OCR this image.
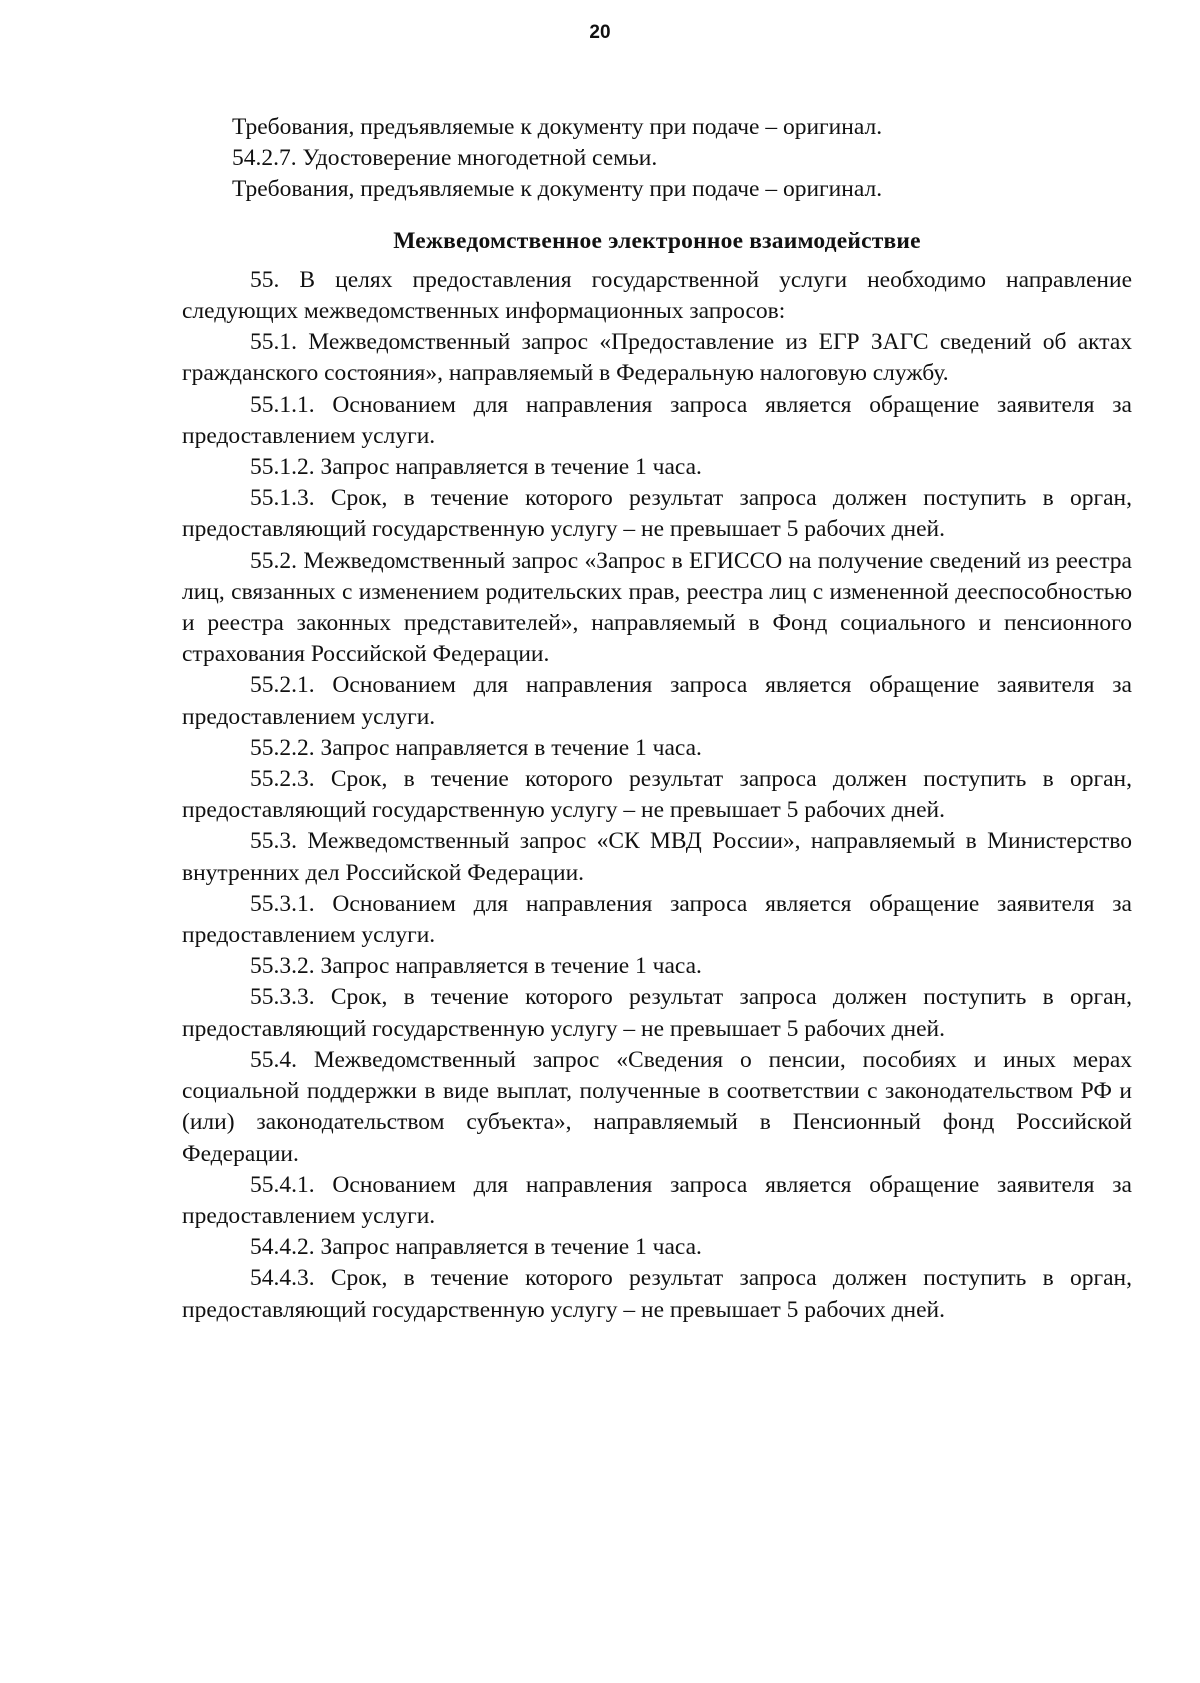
20

Требования, предъявляемые к документу при подаче – оригинал.

54.2.7. Удостоверение многодетной семьи.

Требования, предъявляемые к документу при подаче – оригинал.

Межведомственное электронное взаимодействие

55. В целях предоставления государственной услуги необходимо направление следующих межведомственных информационных запросов:

55.1. Межведомственный запрос «Предоставление из ЕГР ЗАГС сведений об актах гражданского состояния», направляемый в Федеральную налоговую службу.

55.1.1. Основанием для направления запроса является обращение заявителя за предоставлением услуги.

55.1.2. Запрос направляется в течение 1 часа.

55.1.3. Срок, в течение которого результат запроса должен поступить в орган, предоставляющий государственную услугу – не превышает 5 рабочих дней.

55.2. Межведомственный запрос «Запрос в ЕГИССО на получение сведений из реестра лиц, связанных с изменением родительских прав, реестра лиц с измененной дееспособностью и реестра законных представителей», направляемый в Фонд социального и пенсионного страхования Российской Федерации.

55.2.1. Основанием для направления запроса является обращение заявителя за предоставлением услуги.

55.2.2. Запрос направляется в течение 1 часа.

55.2.3. Срок, в течение которого результат запроса должен поступить в орган, предоставляющий государственную услугу – не превышает 5 рабочих дней.

55.3. Межведомственный запрос «СК МВД России», направляемый в Министерство внутренних дел Российской Федерации.

55.3.1. Основанием для направления запроса является обращение заявителя за предоставлением услуги.

55.3.2. Запрос направляется в течение 1 часа.

55.3.3. Срок, в течение которого результат запроса должен поступить в орган, предоставляющий государственную услугу – не превышает 5 рабочих дней.

55.4. Межведомственный запрос «Сведения о пенсии, пособиях и иных мерах социальной поддержки в виде выплат, полученные в соответствии с законодательством РФ и (или) законодательством субъекта», направляемый в Пенсионный фонд Российской Федерации.

55.4.1. Основанием для направления запроса является обращение заявителя за предоставлением услуги.

54.4.2. Запрос направляется в течение 1 часа.

54.4.3. Срок, в течение которого результат запроса должен поступить в орган, предоставляющий государственную услугу – не превышает 5 рабочих дней.
